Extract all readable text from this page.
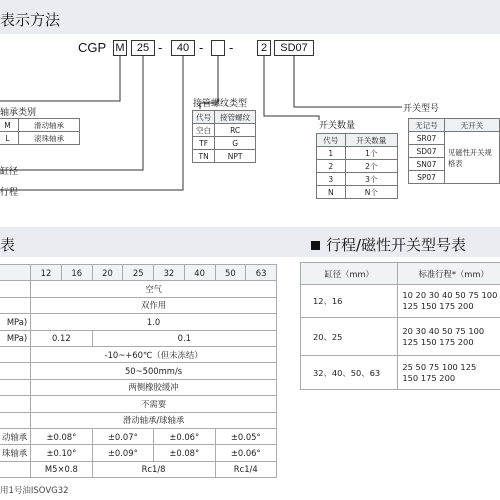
表示方法
CGP M	25 -	40 - -	2	SD07
轴承类别
M	滑动轴承
L	滚珠轴承
缸径
行程
接管螺纹类型
代号	接管螺纹
空白	RC
TF	G
TN	NPT
开关数量
代号	开关数量
1	1个
2	2个
3	3个
N	N个
开关型号
无记号	无开关
SR07	见磁性开关规格表
SD07	
SN07	
SP07	
表	行程/磁性开关型号表
	12	16	20	25	32	40	50	63
	空气							
	双作用							
MPa)	1.0							
MPa)	0.12		0.1					
	-10~+60℃（但未冻结）							
	50~500mm/s							
	两侧橡胶缓冲							
	不需要							
	滑动轴承/球轴承							
动轴承	±0.08°		±0.07°		±0.06°		±0.05°	
珠轴承	±0.10°		±0.09°		±0.08°		±0.06°	
	M5×0.8		Rc1/8				Rc1/4	
用1号油ISOVG32
缸径（mm）	标准行程*（mm）
12、16	10 20 30 40 50 75 100
125 150 175 200

20、25	20 30 40 50 75 100
125 150 175 200

32、40、50、63	25 50 75 100 125
150 175 200
